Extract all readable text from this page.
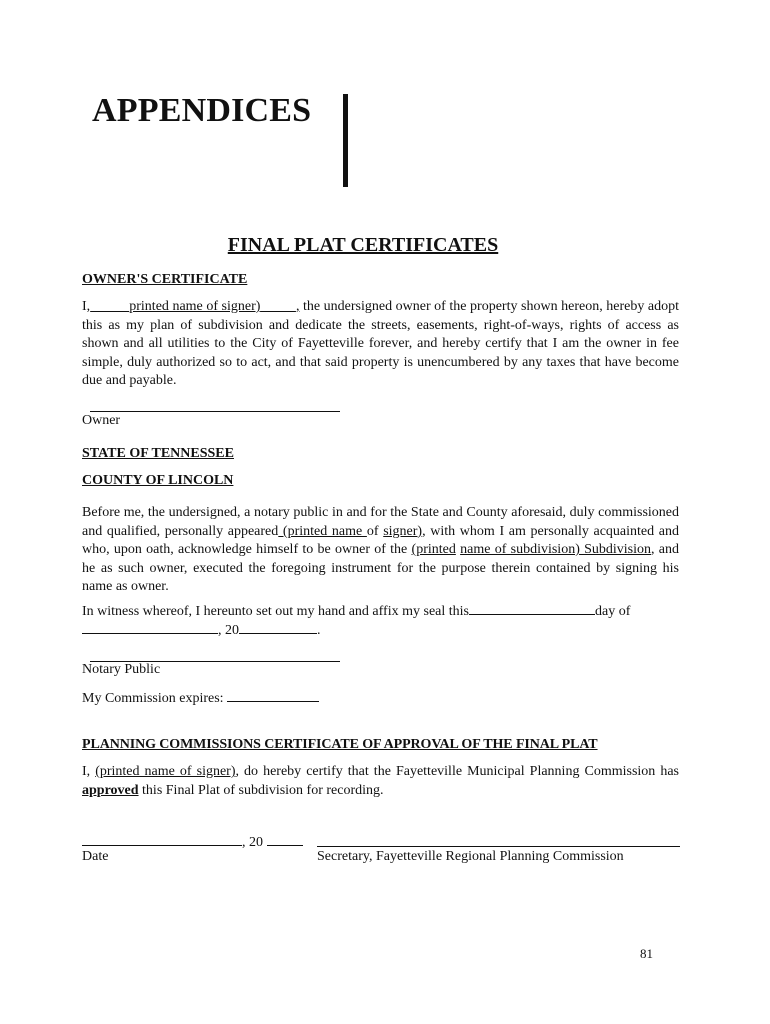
APPENDICES
FINAL PLAT CERTIFICATES
OWNER'S CERTIFICATE
I,	printed name of signer)	, the undersigned owner of the property shown hereon, hereby adopt this as my plan of subdivision and dedicate the streets, easements, right-of-ways, rights of access as shown and all utilities to the City of Fayetteville forever, and hereby certify that I am the owner in fee simple, duly authorized so to act, and that said property is unencumbered by any taxes that have become due and payable.
Owner
STATE OF TENNESSEE
COUNTY OF LINCOLN
Before me, the undersigned, a notary public in and for the State and County aforesaid, duly commissioned and qualified, personally appeared (printed name of signer), with whom I am personally acquainted and who, upon oath, acknowledge himself to be owner of the (printed name of subdivision) Subdivision, and he as such owner, executed the foregoing instrument for the purpose therein contained by signing his name as owner.
In witness whereof, I hereunto set out my hand and affix my seal this	day of
, 20	.
Notary Public
My Commission expires:
PLANNING COMMISSIONS CERTIFICATE OF APPROVAL OF THE FINAL PLAT
I, (printed name of signer), do hereby certify that the Fayetteville Municipal Planning Commission has approved this Final Plat of subdivision for recording.
, 20
Date	Secretary, Fayetteville Regional Planning Commission
81
